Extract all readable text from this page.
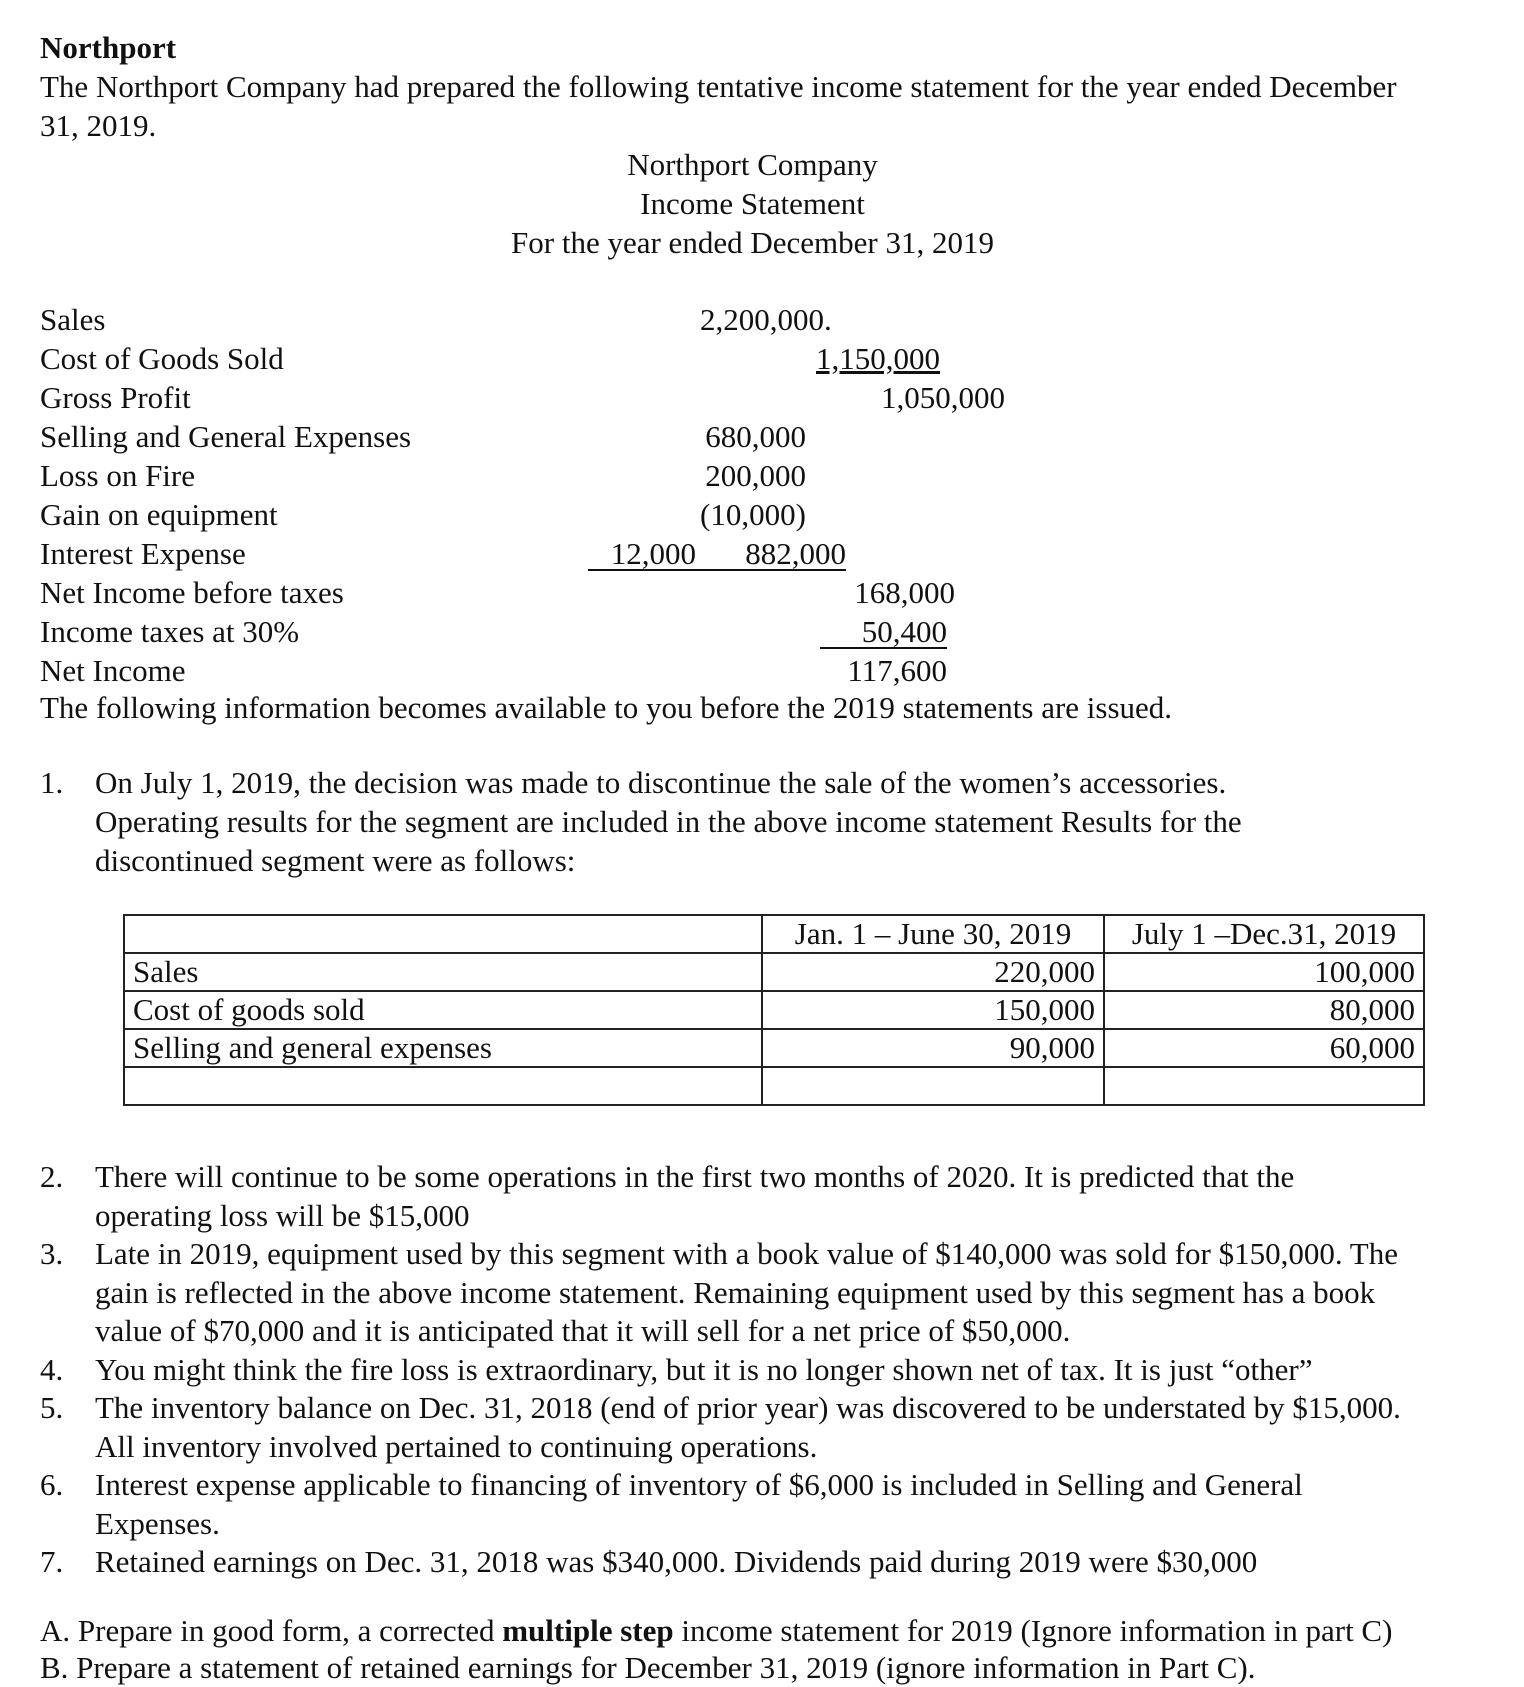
Northport
The Northport Company had prepared the following tentative income statement for the year ended December
31, 2019.
Northport Company
Income Statement
For the year ended December 31, 2019
Sales	2,200,000.
Cost of Goods Sold	1,150,000
Gross Profit	1,050,000
Selling and General Expenses	680,000
Loss on Fire	200,000
Gain on equipment	(10,000)
Interest Expense	12,000	882,000
Net Income before taxes	168,000
Income taxes at 30%	50,400
Net Income	117,600
The following information becomes available to you before the 2019 statements are issued.
1. On July 1, 2019, the decision was made to discontinue the sale of the women’s accessories.
Operating results for the segment are included in the above income statement Results for the
discontinued segment were as follows:
	Jan. 1 – June 30, 2019	July 1 –Dec.31, 2019
Sales	220,000	100,000
Cost of goods sold	150,000	80,000
Selling and general expenses	90,000	60,000

2. There will continue to be some operations in the first two months of 2020. It is predicted that the
operating loss will be $15,000
3. Late in 2019, equipment used by this segment with a book value of $140,000 was sold for $150,000. The
gain is reflected in the above income statement. Remaining equipment used by this segment has a book
value of $70,000 and it is anticipated that it will sell for a net price of $50,000.
4. You might think the fire loss is extraordinary, but it is no longer shown net of tax. It is just “other”
5. The inventory balance on Dec. 31, 2018 (end of prior year) was discovered to be understated by $15,000.
All inventory involved pertained to continuing operations.
6. Interest expense applicable to financing of inventory of $6,000 is included in Selling and General
Expenses.
7. Retained earnings on Dec. 31, 2018 was $340,000. Dividends paid during 2019 were $30,000
A. Prepare in good form, a corrected multiple step income statement for 2019 (Ignore information in part C)
B. Prepare a statement of retained earnings for December 31, 2019 (ignore information in Part C).
